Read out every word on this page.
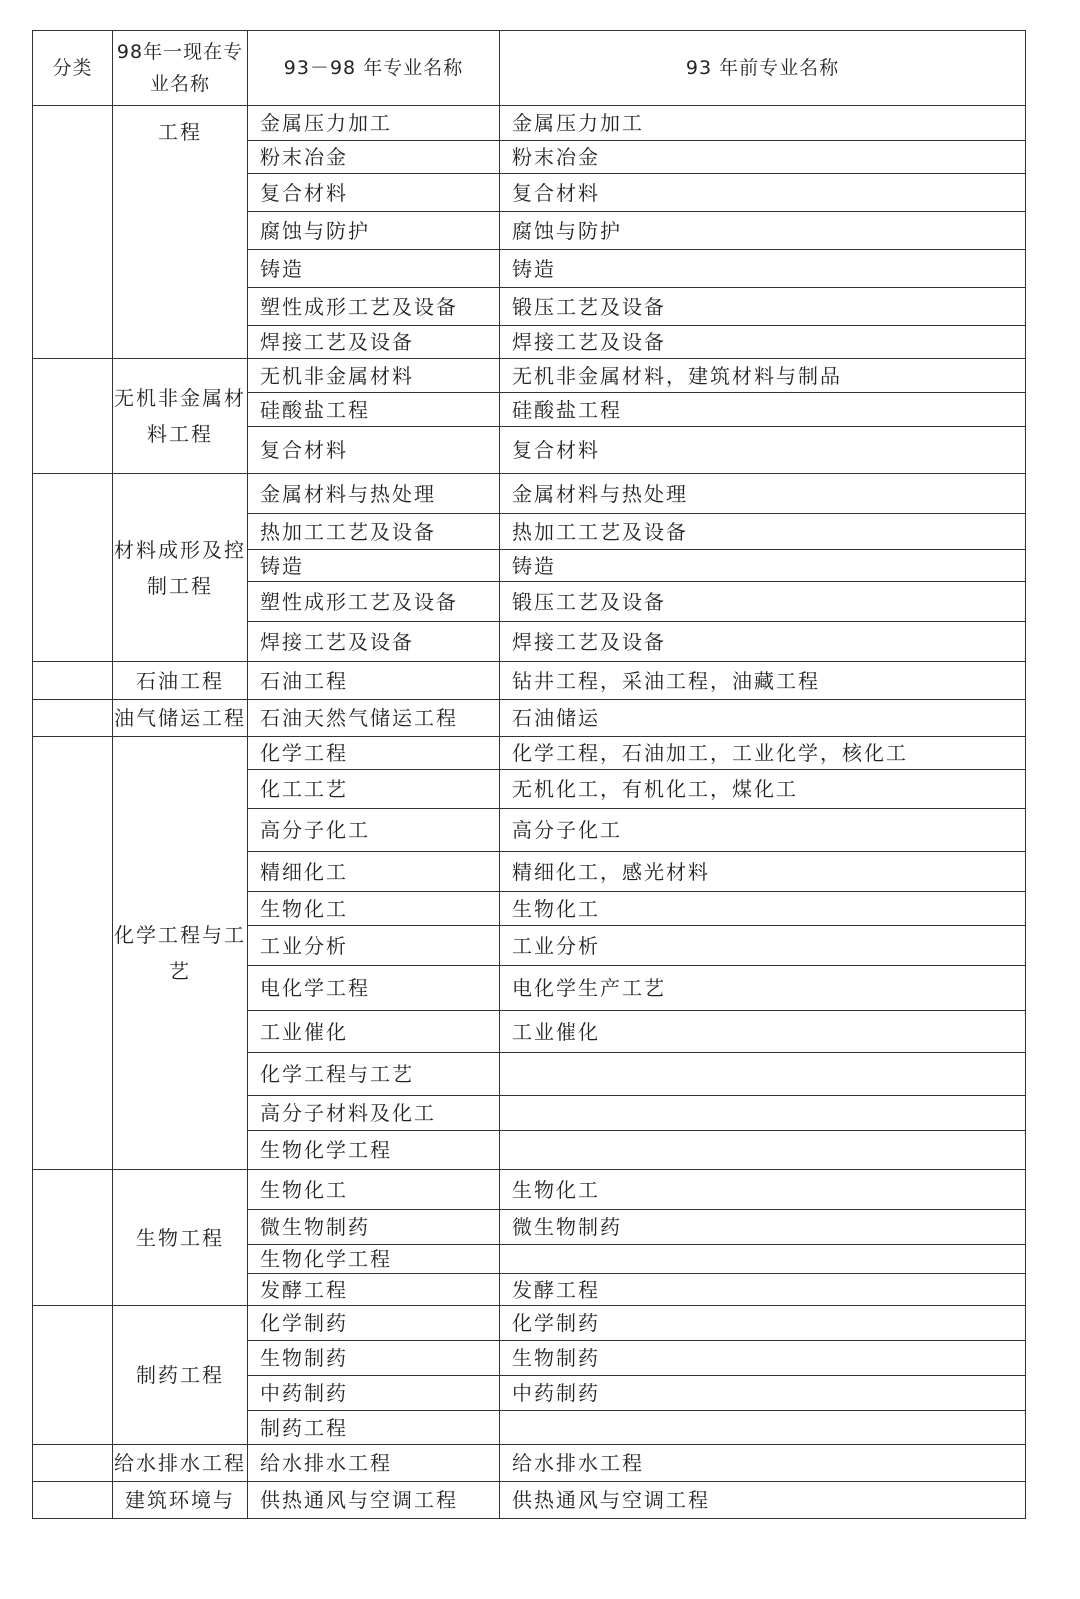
分类	98年一现在专业名称	93－98 年专业名称	93 年前专业名称
	工程	金属压力加工	金属压力加工
		粉末冶金	粉末冶金
		复合材料	复合材料
		腐蚀与防护	腐蚀与防护
		铸造	铸造
		塑性成形工艺及设备	锻压工艺及设备
		焊接工艺及设备	焊接工艺及设备
	无机非金属材料工程	无机非金属材料	无机非金属材料，建筑材料与制品
		硅酸盐工程	硅酸盐工程
		复合材料	复合材料
	材料成形及控制工程	金属材料与热处理	金属材料与热处理
		热加工工艺及设备	热加工工艺及设备
		铸造	铸造
		塑性成形工艺及设备	锻压工艺及设备
		焊接工艺及设备	焊接工艺及设备
	石油工程	石油工程	钻井工程，采油工程，油藏工程
	油气储运工程	石油天然气储运工程	石油储运
	化学工程与工艺	化学工程	化学工程，石油加工，工业化学，核化工
		化工工艺	无机化工，有机化工，煤化工
		高分子化工	高分子化工
		精细化工	精细化工，感光材料
		生物化工	生物化工
		工业分析	工业分析
		电化学工程	电化学生产工艺
		工业催化	工业催化
		化学工程与工艺	
		高分子材料及化工	
		生物化学工程	
	生物工程	生物化工	生物化工
		微生物制药	微生物制药
		生物化学工程	
		发酵工程	发酵工程
	制药工程	化学制药	化学制药
		生物制药	生物制药
		中药制药	中药制药
		制药工程	
	给水排水工程	给水排水工程	给水排水工程
	建筑环境与	供热通风与空调工程	供热通风与空调工程
